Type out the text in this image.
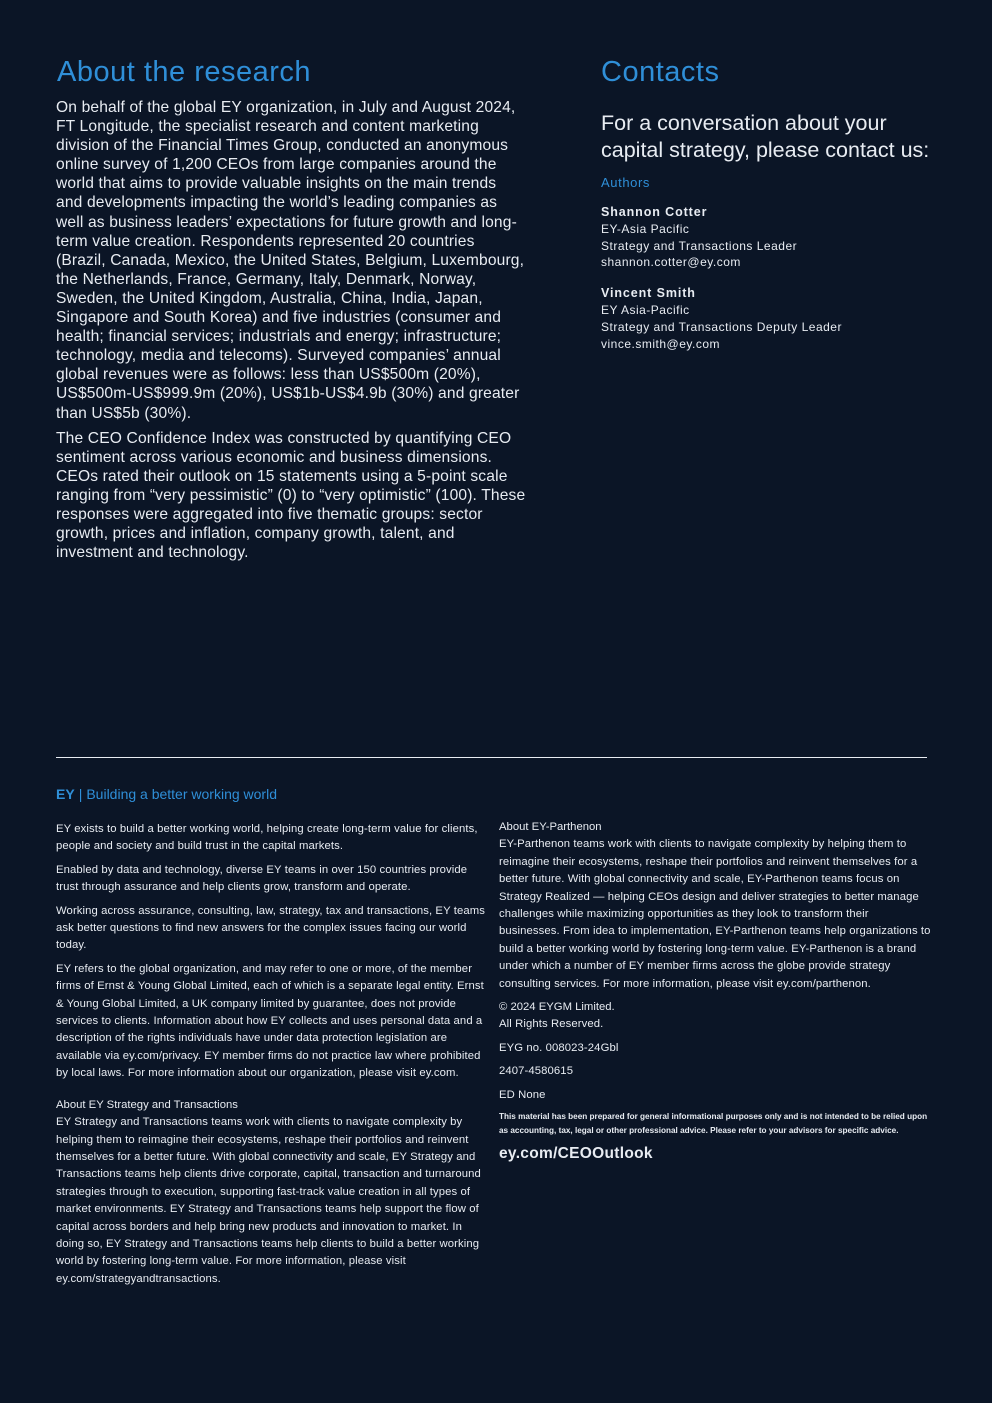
About the research	Contacts

On behalf of the global EY organization, in July and August 2024, FT Longitude, the specialist research and content marketing division of the Financial Times Group, conducted an anonymous online survey of 1,200 CEOs from large companies around the world that aims to provide valuable insights on the main trends and developments impacting the world’s leading companies as well as business leaders’ expectations for future growth and long-term value creation. Respondents represented 20 countries (Brazil, Canada, Mexico, the United States, Belgium, Luxembourg, the Netherlands, France, Germany, Italy, Denmark, Norway, Sweden, the United Kingdom, Australia, China, India, Japan, Singapore and South Korea) and five industries (consumer and health; financial services; industrials and energy; infrastructure; technology, media and telecoms). Surveyed companies’ annual global revenues were as follows: less than US$500m (20%), US$500m-US$999.9m (20%), US$1b-US$4.9b (30%) and greater than US$5b (30%).

The CEO Confidence Index was constructed by quantifying CEO sentiment across various economic and business dimensions. CEOs rated their outlook on 15 statements using a 5-point scale ranging from “very pessimistic” (0) to “very optimistic” (100). These responses were aggregated into five thematic groups: sector growth, prices and inflation, company growth, talent, and investment and technology.

For a conversation about your capital strategy, please contact us:

Authors
Shannon Cotter
EY-Asia Pacific
Strategy and Transactions Leader
shannon.cotter@ey.com
Vincent Smith
EY Asia-Pacific
Strategy and Transactions Deputy Leader
vince.smith@ey.com
EY | Building a better working world

EY exists to build a better working world, helping create long-term value for clients, people and society and build trust in the capital markets.

Enabled by data and technology, diverse EY teams in over 150 countries provide trust through assurance and help clients grow, transform and operate.

Working across assurance, consulting, law, strategy, tax and transactions, EY teams ask better questions to find new answers for the complex issues facing our world today.

EY refers to the global organization, and may refer to one or more, of the member firms of Ernst & Young Global Limited, each of which is a separate legal entity. Ernst & Young Global Limited, a UK company limited by guarantee, does not provide services to clients. Information about how EY collects and uses personal data and a description of the rights individuals have under data protection legislation are available via ey.com/privacy. EY member firms do not practice law where prohibited by local laws. For more information about our organization, please visit ey.com.

About EY Strategy and Transactions

EY Strategy and Transactions teams work with clients to navigate complexity by helping them to reimagine their ecosystems, reshape their portfolios and reinvent themselves for a better future. With global connectivity and scale, EY Strategy and Transactions teams help clients drive corporate, capital, transaction and turnaround strategies through to execution, supporting fast-track value creation in all types of market environments. EY Strategy and Transactions teams help support the flow of capital across borders and help bring new products and innovation to market. In doing so, EY Strategy and Transactions teams help clients to build a better working world by fostering long-term value. For more information, please visit ey.com/strategyandtransactions.

About EY-Parthenon

EY-Parthenon teams work with clients to navigate complexity by helping them to reimagine their ecosystems, reshape their portfolios and reinvent themselves for a better future. With global connectivity and scale, EY-Parthenon teams focus on Strategy Realized — helping CEOs design and deliver strategies to better manage challenges while maximizing opportunities as they look to transform their businesses. From idea to implementation, EY-Parthenon teams help organizations to build a better working world by fostering long-term value. EY-Parthenon is a brand under which a number of EY member firms across the globe provide strategy consulting services. For more information, please visit ey.com/parthenon.

© 2024 EYGM Limited.

All Rights Reserved.

EYG no. 008023-24Gbl

2407-4580615

ED None

This material has been prepared for general informational purposes only and is not intended to be relied upon as accounting, tax, legal or other professional advice. Please refer to your advisors for specific advice.
ey.com/CEOOutlook
